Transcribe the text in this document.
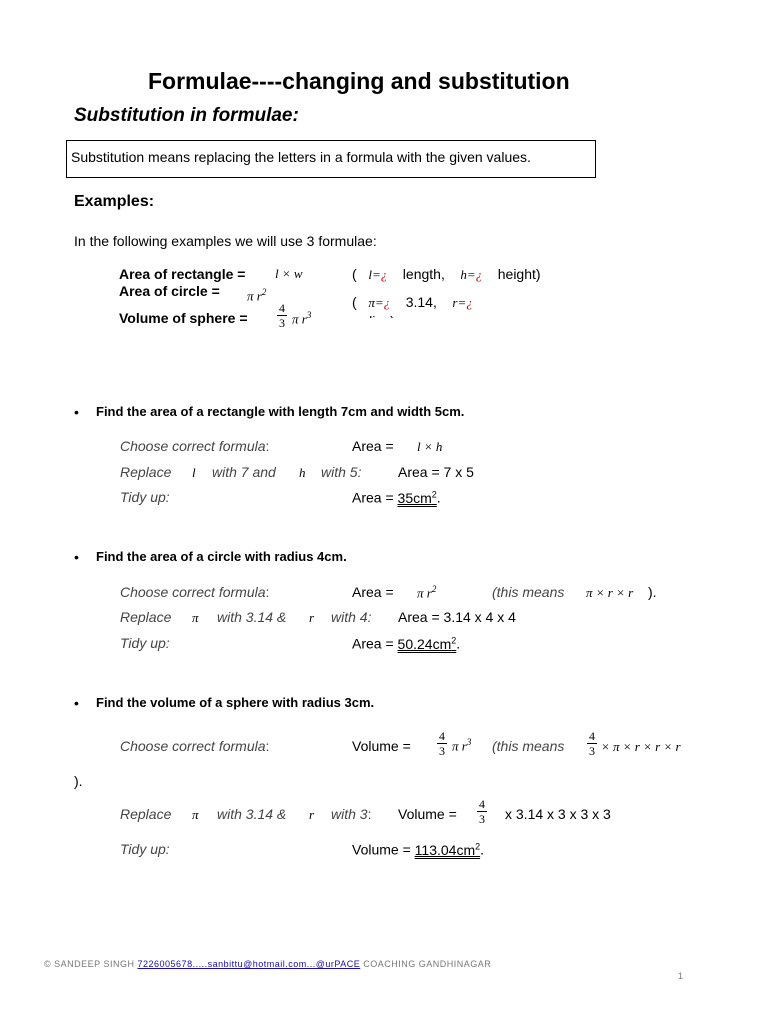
Formulae----changing and substitution
Substitution in formulae:
Substitution means replacing the letters in a formula with the given values.
Examples:
In the following examples we will use 3 formulae:
Area of rectangle = l × w
Area of circle = π $r^2$
Volume of sphere = $\frac{4}{3}$ π $r^3$
( l=¿ length, h=¿ height)
( π=¿ 3.14, r=¿
• Find the area of a rectangle with length 7cm and width 5cm.
Choose correct formula:	Area = l × h
Replace l with 7 and h with 5:	Area = 7 x 5
Tidy up:	Area = $35cm^2$.
• Find the area of a circle with radius 4cm.
Choose correct formula:	Area = π $r^2$	(this means π × r × r ).
Replace π with 3.14 & r with 4: Area = 3.14 x 4 x 4
Tidy up:	Area = $50.24cm^2$.
• Find the volume of a sphere with radius 3cm.
Choose correct formula:	Volume = $\frac{4}{3}$ π $r^3$ (this means $\frac{4}{3} \times \pi \times r \times r \times r$
).
Replace π with 3.14 & r with 3: Volume = $\frac{4}{3}$ x 3.14 x 3 x 3 x 3
Tidy up:	Volume = $113.04cm^2$.
© SANDEEP SINGH 7226005678.....sanbittu@hotmail.com...@urPACE COACHING GANDHINAGAR
1
